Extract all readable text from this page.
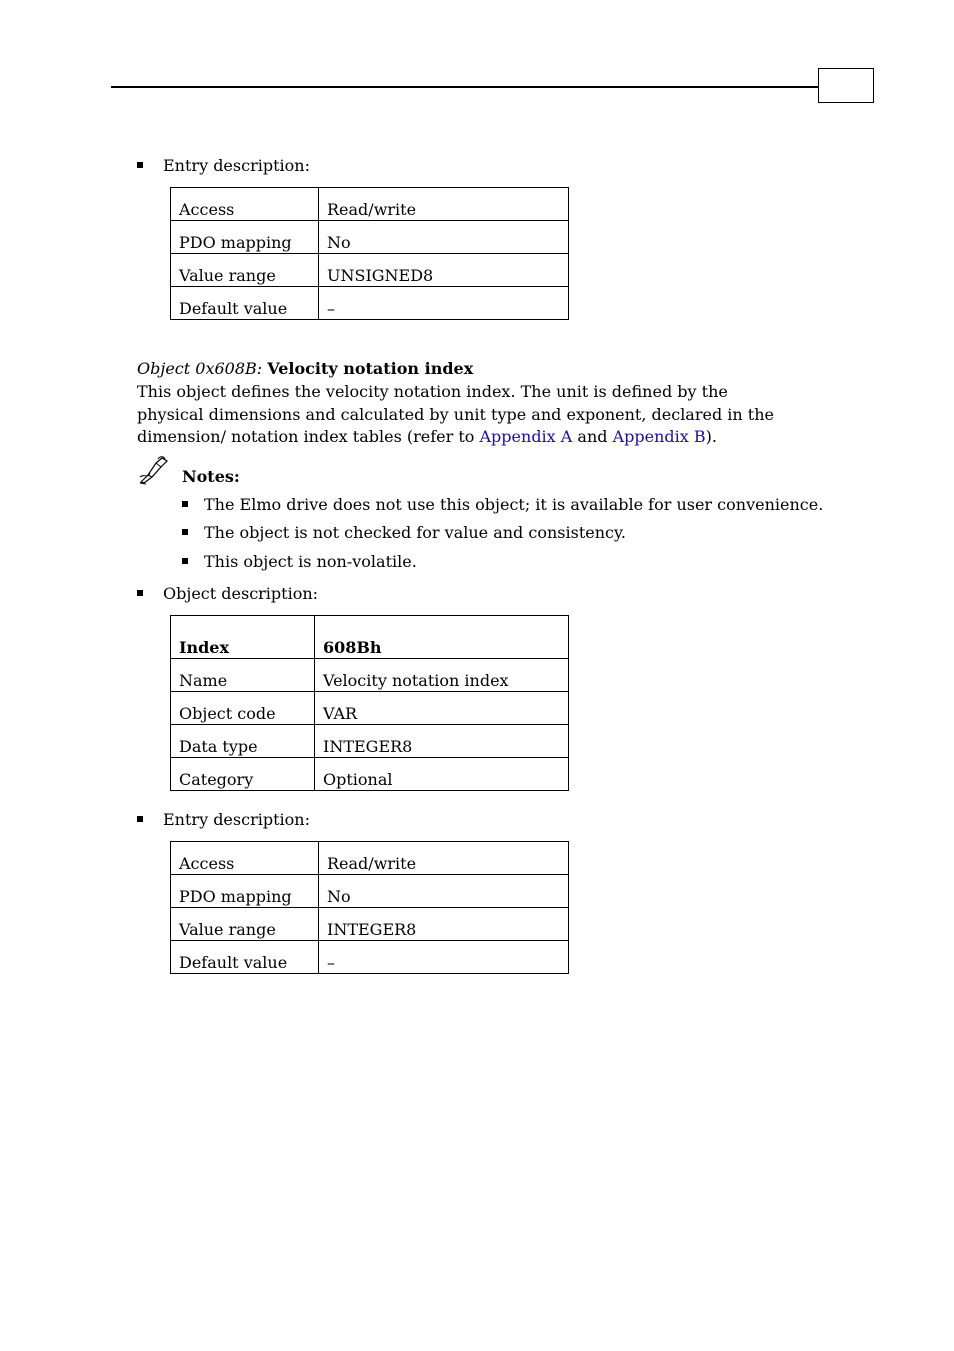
Entry description:
Access	Read/write
PDO mapping	No
Value range	UNSIGNED8
Default value	–
Object 0x608B: Velocity notation index
This object defines the velocity notation index. The unit is defined by the physical dimensions and calculated by unit type and exponent, declared in the dimension/ notation index tables (refer to Appendix A and Appendix B).
Notes:
The Elmo drive does not use this object; it is available for user convenience.
The object is not checked for value and consistency.
This object is non-volatile.
Object description:
Index	608Bh
Name	Velocity notation index
Object code	VAR
Data type	INTEGER8
Category	Optional
Entry description:
Access	Read/write
PDO mapping	No
Value range	INTEGER8
Default value	–
